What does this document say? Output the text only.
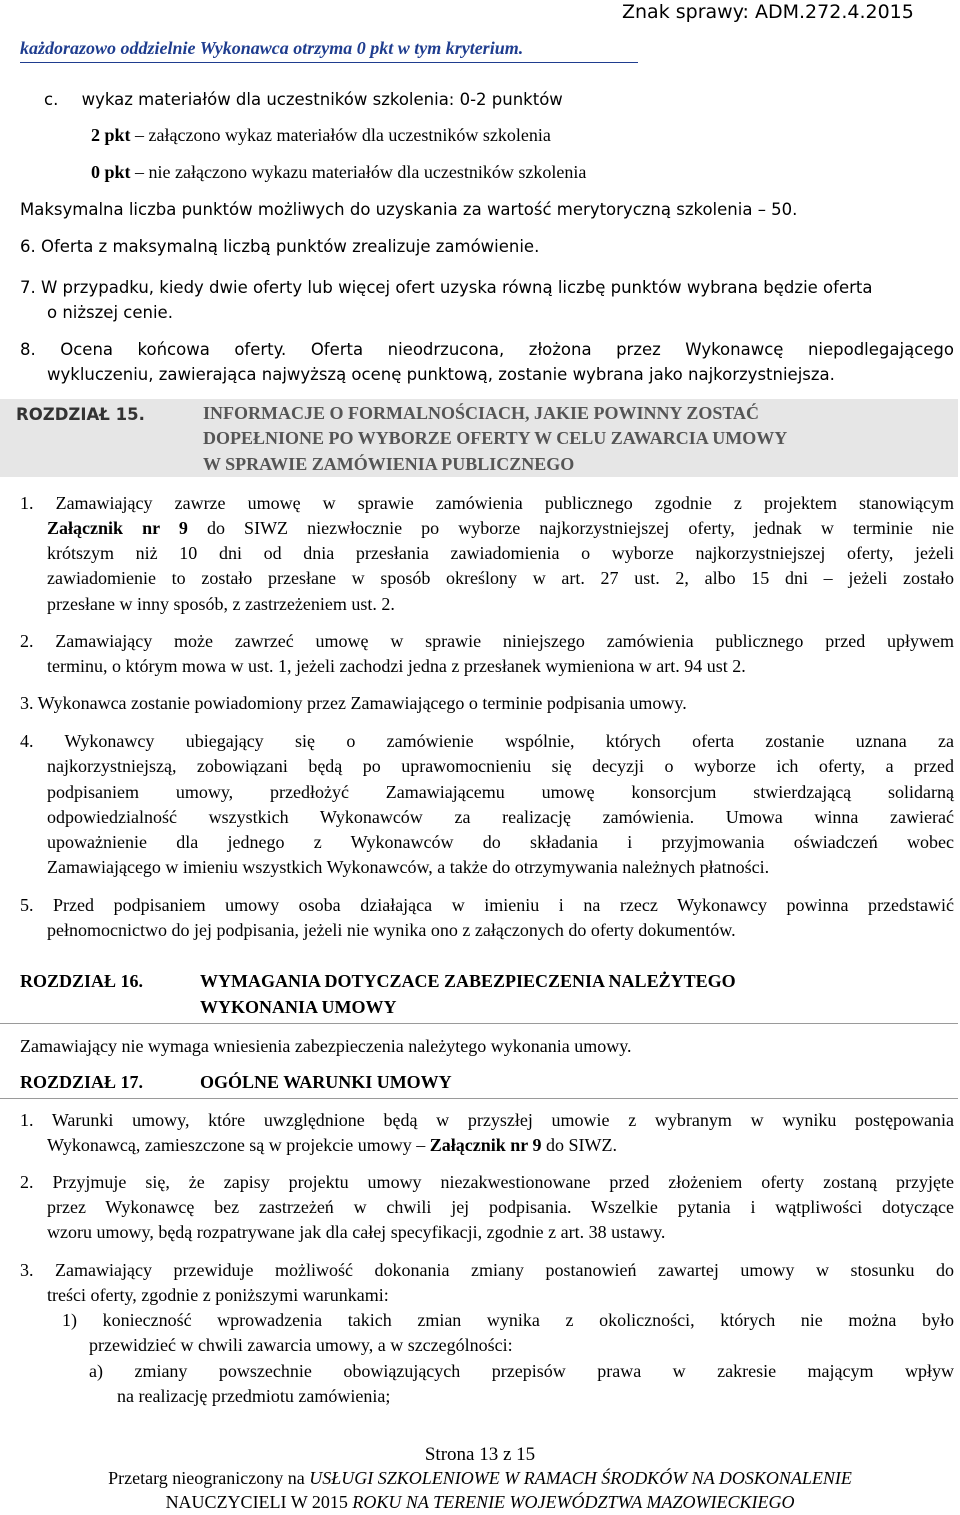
Znak sprawy: ADM.272.4.2015
każdorazowo oddzielnie Wykonawca otrzyma 0 pkt w tym kryterium.
c. wykaz materiałów dla uczestników szkolenia: 0-2 punktów
2 pkt – załączono wykaz materiałów dla uczestników szkolenia
0 pkt – nie załączono wykazu materiałów dla uczestników szkolenia
Maksymalna liczba punktów możliwych do uzyskania za wartość merytoryczną szkolenia – 50.
6. Oferta z maksymalną liczbą punktów zrealizuje zamówienie.
7. W przypadku, kiedy dwie oferty lub więcej ofert uzyska równą liczbę punktów wybrana będzie oferta
o niższej cenie.
8. Ocena końcowa oferty. Oferta nieodrzucona, złożona przez Wykonawcę niepodlegającego
wykluczeniu, zawierająca najwyższą ocenę punktową, zostanie wybrana jako najkorzystniejsza.
ROZDZIAŁ 15.	INFORMACJE O FORMALNOŚCIACH, JAKIE POWINNY ZOSTAĆ
DOPEŁNIONE PO WYBORZE OFERTY W CELU ZAWARCIA UMOWY
W SPRAWIE ZAMÓWIENIA PUBLICZNEGO
1. Zamawiający zawrze umowę w sprawie zamówienia publicznego zgodnie z projektem stanowiącym
Załącznik nr 9 do SIWZ niezwłocznie po wyborze najkorzystniejszej oferty, jednak w terminie nie
krótszym niż 10 dni od dnia przesłania zawiadomienia o wyborze najkorzystniejszej oferty, jeżeli
zawiadomienie to zostało przesłane w sposób określony w art. 27 ust. 2, albo 15 dni – jeżeli zostało
przesłane w inny sposób, z zastrzeżeniem ust. 2.
2. Zamawiający może zawrzeć umowę w sprawie niniejszego zamówienia publicznego przed upływem
terminu, o którym mowa w ust. 1, jeżeli zachodzi jedna z przesłanek wymieniona w art. 94 ust 2.
3. Wykonawca zostanie powiadomiony przez Zamawiającego o terminie podpisania umowy.
4. Wykonawcy ubiegający się o zamówienie wspólnie, których oferta zostanie uznana za
najkorzystniejszą, zobowiązani będą po uprawomocnieniu się decyzji o wyborze ich oferty, a przed
podpisaniem umowy, przedłożyć Zamawiającemu umowę konsorcjum stwierdzającą solidarną
odpowiedzialność wszystkich Wykonawców za realizację zamówienia. Umowa winna zawierać
upoważnienie dla jednego z Wykonawców do składania i przyjmowania oświadczeń wobec
Zamawiającego w imieniu wszystkich Wykonawców, a także do otrzymywania należnych płatności.
5. Przed podpisaniem umowy osoba działająca w imieniu i na rzecz Wykonawcy powinna przedstawić
pełnomocnictwo do jej podpisania, jeżeli nie wynika ono z załączonych do oferty dokumentów.
ROZDZIAŁ 16.	WYMAGANIA DOTYCZACE ZABEZPIECZENIA NALEŻYTEGO
WYKONANIA UMOWY
Zamawiający nie wymaga wniesienia zabezpieczenia należytego wykonania umowy.
ROZDZIAŁ 17.	OGÓLNE WARUNKI UMOWY
1. Warunki umowy, które uwzględnione będą w przyszłej umowie z wybranym w wyniku postępowania
Wykonawcą, zamieszczone są w projekcie umowy – Załącznik nr 9 do SIWZ.
2. Przyjmuje się, że zapisy projektu umowy niezakwestionowane przed złożeniem oferty zostaną przyjęte
przez Wykonawcę bez zastrzeżeń w chwili jej podpisania. Wszelkie pytania i wątpliwości dotyczące
wzoru umowy, będą rozpatrywane jak dla całej specyfikacji, zgodnie z art. 38 ustawy.
3. Zamawiający przewiduje możliwość dokonania zmiany postanowień zawartej umowy w stosunku do
treści oferty, zgodnie z poniższymi warunkami:
1) konieczność wprowadzenia takich zmian wynika z okoliczności, których nie można było
przewidzieć w chwili zawarcia umowy, a w szczególności:
a) zmiany powszechnie obowiązujących przepisów prawa w zakresie mającym wpływ
na realizację przedmiotu zamówienia;
Strona 13 z 15
Przetarg nieograniczony na USŁUGI SZKOLENIOWE W RAMACH ŚRODKÓW NA DOSKONALENIE
NAUCZYCIELI W 2015 ROKU NA TERENIE WOJEWÓDZTWA MAZOWIECKIEGO
